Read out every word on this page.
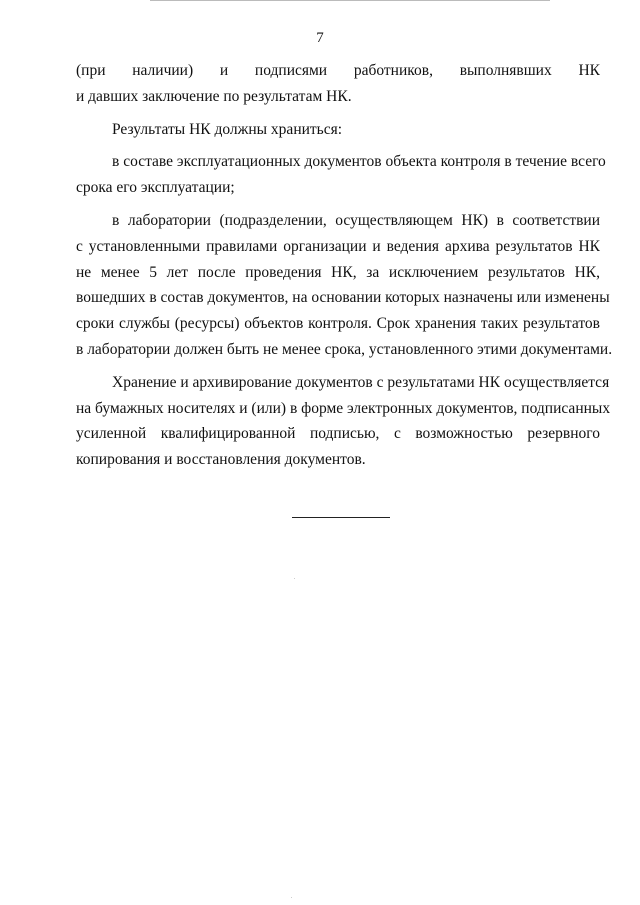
7
(при наличии) и подписями работников, выполнявших НК
и давших заключение по результатам НК.
Результаты НК должны храниться:
в составе эксплуатационных документов объекта контроля в течение всего
срока его эксплуатации;
в лаборатории (подразделении, осуществляющем НК) в соответствии
с установленными правилами организации и ведения архива результатов НК
не менее 5 лет после проведения НК, за исключением результатов НК,
вошедших в состав документов, на основании которых назначены или изменены
сроки службы (ресурсы) объектов контроля. Срок хранения таких результатов
в лаборатории должен быть не менее срока, установленного этими документами.
Хранение и архивирование документов с результатами НК осуществляется
на бумажных носителях и (или) в форме электронных документов, подписанных
усиленной квалифицированной подписью, с возможностью резервного
копирования и восстановления документов.
